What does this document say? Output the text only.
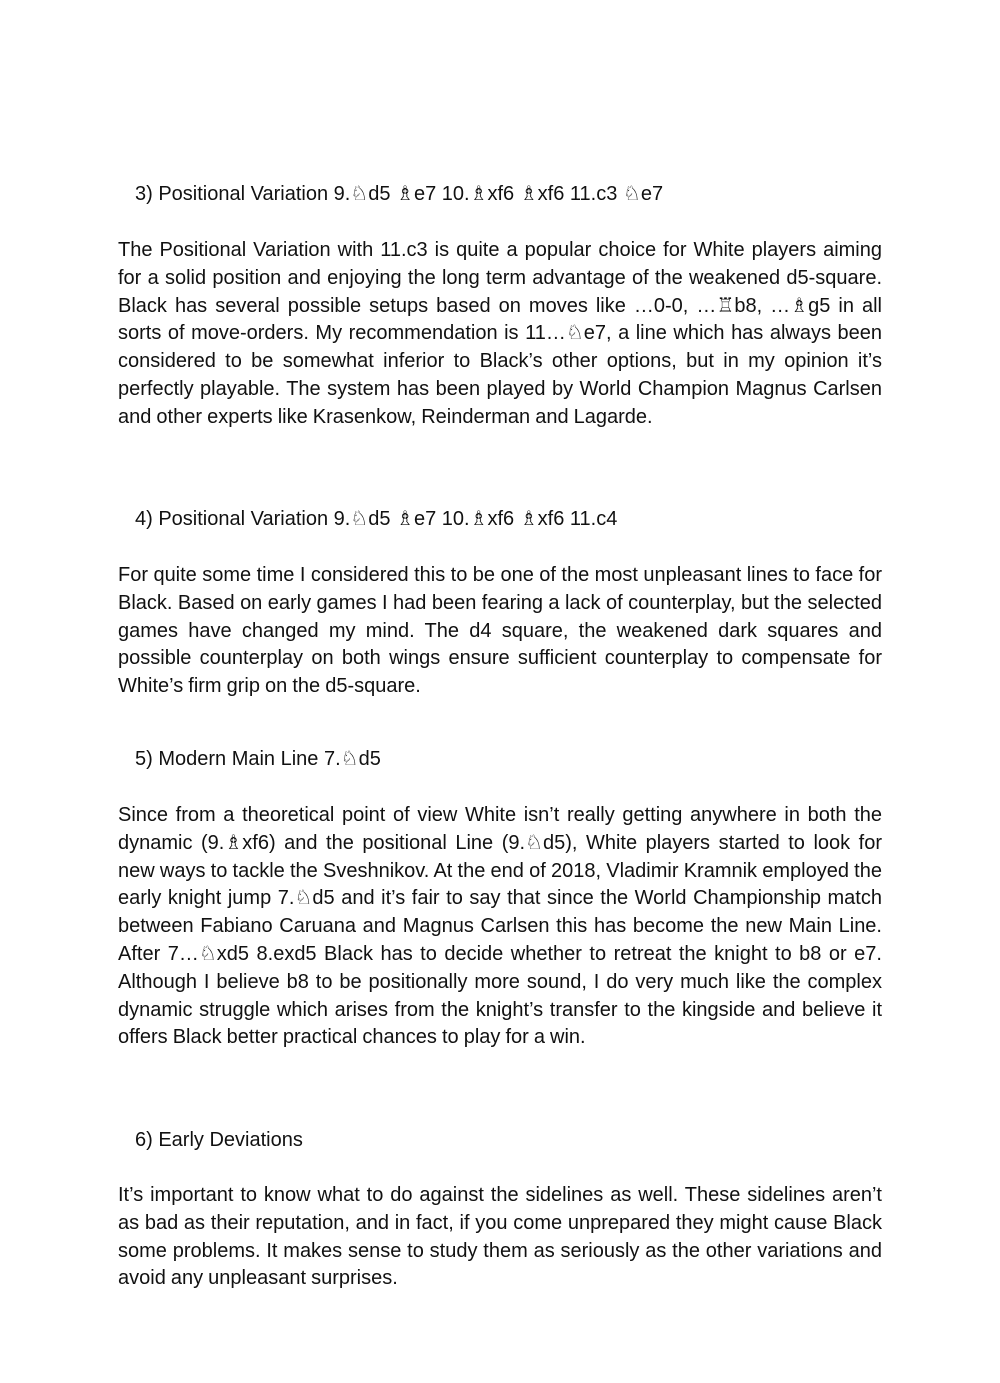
3) Positional Variation 9.♘d5 ♗e7 10.♗xf6 ♗xf6 11.c3 ♘e7

The Positional Variation with 11.c3 is quite a popular choice for White players aiming for a solid position and enjoying the long term advantage of the weakened d5-square. Black has several possible setups based on moves like …0-0, …♖b8, …♗g5 in all sorts of move-orders. My recommendation is 11…♘e7, a line which has always been considered to be somewhat inferior to Black’s other options, but in my opinion it’s perfectly playable. The system has been played by World Champion Magnus Carlsen and other experts like Krasenkow, Reinderman and Lagarde.

4) Positional Variation 9.♘d5 ♗e7 10.♗xf6 ♗xf6 11.c4

For quite some time I considered this to be one of the most unpleasant lines to face for Black. Based on early games I had been fearing a lack of counterplay, but the selected games have changed my mind. The d4 square, the weakened dark squares and possible counterplay on both wings ensure sufficient counterplay to compensate for White’s firm grip on the d5-square.

5) Modern Main Line 7.♘d5

Since from a theoretical point of view White isn’t really getting anywhere in both the dynamic (9.♗xf6) and the positional Line (9.♘d5), White players started to look for new ways to tackle the Sveshnikov. At the end of 2018, Vladimir Kramnik employed the early knight jump 7.♘d5 and it’s fair to say that since the World Championship match between Fabiano Caruana and Magnus Carlsen this has become the new Main Line. After 7…♘xd5 8.exd5 Black has to decide whether to retreat the knight to b8 or e7. Although I believe b8 to be positionally more sound, I do very much like the complex dynamic struggle which arises from the knight’s transfer to the kingside and believe it offers Black better practical chances to play for a win.

6) Early Deviations

It’s important to know what to do against the sidelines as well. These sidelines aren’t as bad as their reputation, and in fact, if you come unprepared they might cause Black some problems. It makes sense to study them as seriously as the other variations and avoid any unpleasant surprises.
